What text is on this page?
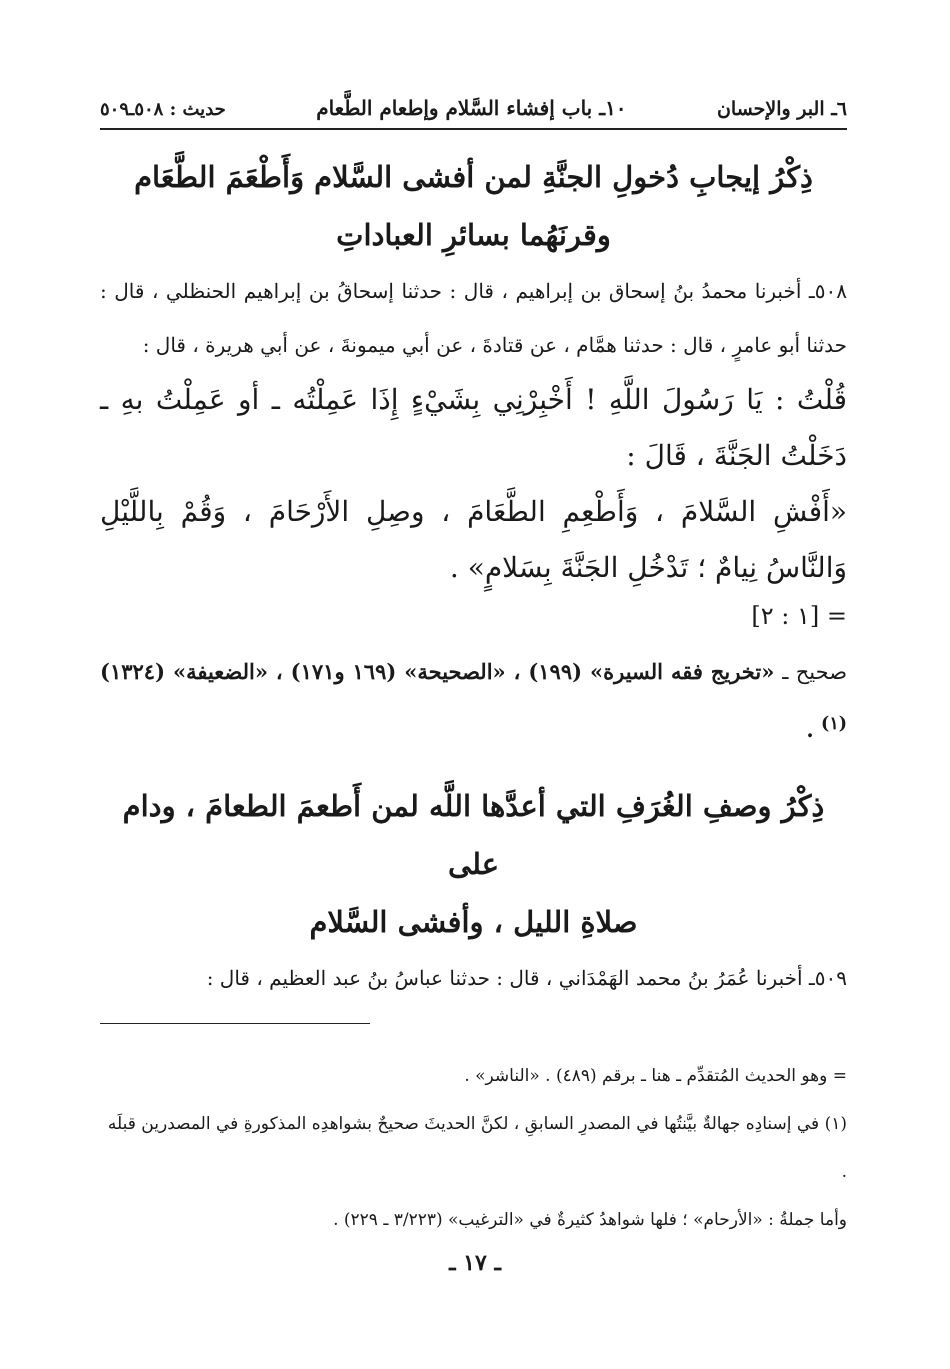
٦ـ البر والإحسان
١٠ـ باب إفشاء السَّلام وإطعام الطَّعام
حديث : ٥٠٨ـ٥٠٩
ذِكْرُ إيجابِ دُخولِ الجنَّةِ لمن أفشى السَّلام وَأَطْعَمَ الطَّعَام
وقرنَهُما بسائرِ العباداتِ

٥٠٨ـ أخبرنا محمدُ بنُ إسحاق بن إبراهيم ، قال : حدثنا إسحاقُ بن إبراهيم الحنظلي ، قال : حدثنا أبو عامرٍ ، قال : حدثنا همَّام ، عن قتادةَ ، عن أبي ميمونةَ ، عن أبي هريرة ، قال :

قُلْتُ : يَا رَسُولَ اللَّهِ ! أَخْبِرْنِي بِشَيْءٍ إِذَا عَمِلْتُه ـ أو عَمِلْتُ بهِ ـ دَخَلْتُ الجَنَّةَ ، قَالَ :

«أَفْشِ السَّلامَ ، وَأَطْعِمِ الطَّعَامَ ، وصِلِ الأَرْحَامَ ، وَقُمْ بِاللَّيْلِ وَالنَّاسُ نِيامٌ ؛ تَدْخُلِ الجَنَّةَ بِسَلامٍ» .

= [١ : ٢]

صحيح ـ «تخريج فقه السيرة» (١٩٩) ، «الصحيحة» (١٦٩ و١٧١) ، «الضعيفة» (١٣٢٤)$^{(١)}$ .

ذِكْرُ وصفِ الغُرَفِ التي أعدَّها اللَّه لمن أَطعمَ الطعامَ ، ودام على
صلاةِ الليل ، وأفشى السَّلام

٥٠٩ـ أخبرنا عُمَرُ بنُ محمد الهَمْدَاني ، قال : حدثنا عباسُ بنُ عبد العظيم ، قال :

= وهو الحديث المُتقدِّم ـ هنا ـ برقم (٤٨٩) . «الناشر» .

(١) في إسنادِه جهالةٌ بيَّنتُها في المصدرِ السابقِ ، لكنَّ الحديثَ صحيحٌ بشواهدِه المذكورةِ في المصدرين قبلَه .

وأما جملةُ : «الأرحام» ؛ فلها شواهدُ كثيرةٌ في «الترغيب» (٣/٢٢٣ ـ ٢٢٩) .

ـ ١٧ ـ
